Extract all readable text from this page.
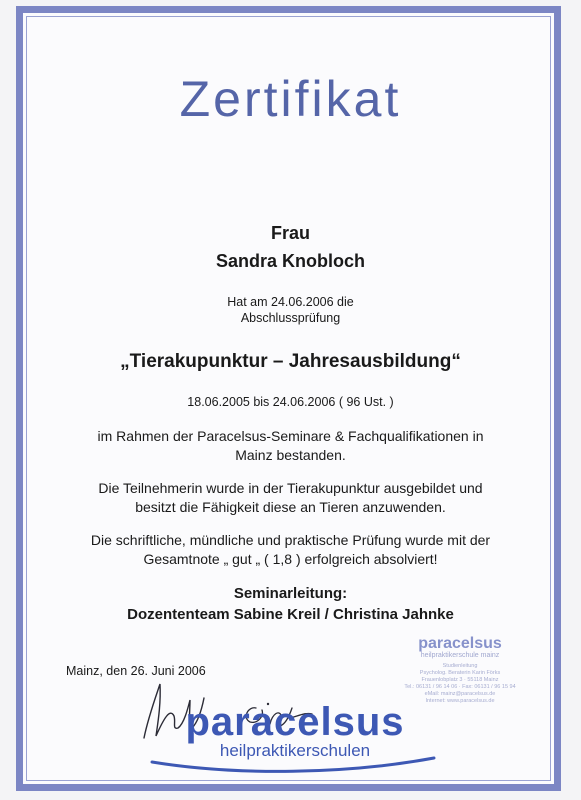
Zertifikat
Frau
Sandra Knobloch
Hat am 24.06.2006 die
Abschlussprüfung
„Tierakupunktur – Jahresausbildung“
18.06.2005 bis 24.06.2006 ( 96 Ust. )
im Rahmen der Paracelsus-Seminare & Fachqualifikationen in
Mainz bestanden.
Die Teilnehmerin wurde in der Tierakupunktur ausgebildet und
besitzt die Fähigkeit diese an Tieren anzuwenden.
Die schriftliche, mündliche und praktische Prüfung wurde mit der
Gesamtnote „ gut „ ( 1,8 ) erfolgreich absolviert!
Seminarleitung:
Dozententeam Sabine Kreil / Christina Jahnke
Mainz, den 26. Juni 2006
paracelsus
heilpraktikerschulen
paracelsus
heilpraktikerschule mainz
Studienleitung
Psycholog. Beraterin Karin Förks
Frauenlobplatz 3 · 55118 Mainz
Tel.: 06131 / 96 14 06 · Fax: 06131 / 96 15 94
eMail: mainz@paracelsus.de
Internet: www.paracelsus.de
